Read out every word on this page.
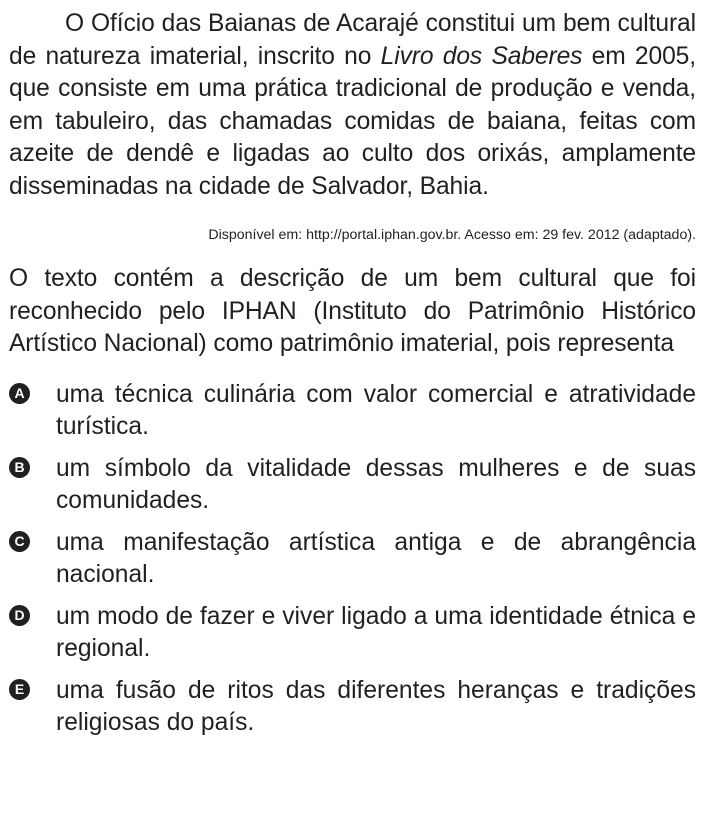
O Ofício das Baianas de Acarajé constitui um bem cultural de natureza imaterial, inscrito no Livro dos Saberes em 2005, que consiste em uma prática tradicional de produção e venda, em tabuleiro, das chamadas comidas de baiana, feitas com azeite de dendê e ligadas ao culto dos orixás, amplamente disseminadas na cidade de Salvador, Bahia.

Disponível em: http://portal.iphan.gov.br. Acesso em: 29 fev. 2012 (adaptado).

O texto contém a descrição de um bem cultural que foi reconhecido pelo IPHAN (Instituto do Patrimônio Histórico Artístico Nacional) como patrimônio imaterial, pois representa

A uma técnica culinária com valor comercial e atratividade turística.
B um símbolo da vitalidade dessas mulheres e de suas comunidades.
C uma manifestação artística antiga e de abrangência nacional.
D um modo de fazer e viver ligado a uma identidade étnica e regional.
E uma fusão de ritos das diferentes heranças e tradições religiosas do país.
